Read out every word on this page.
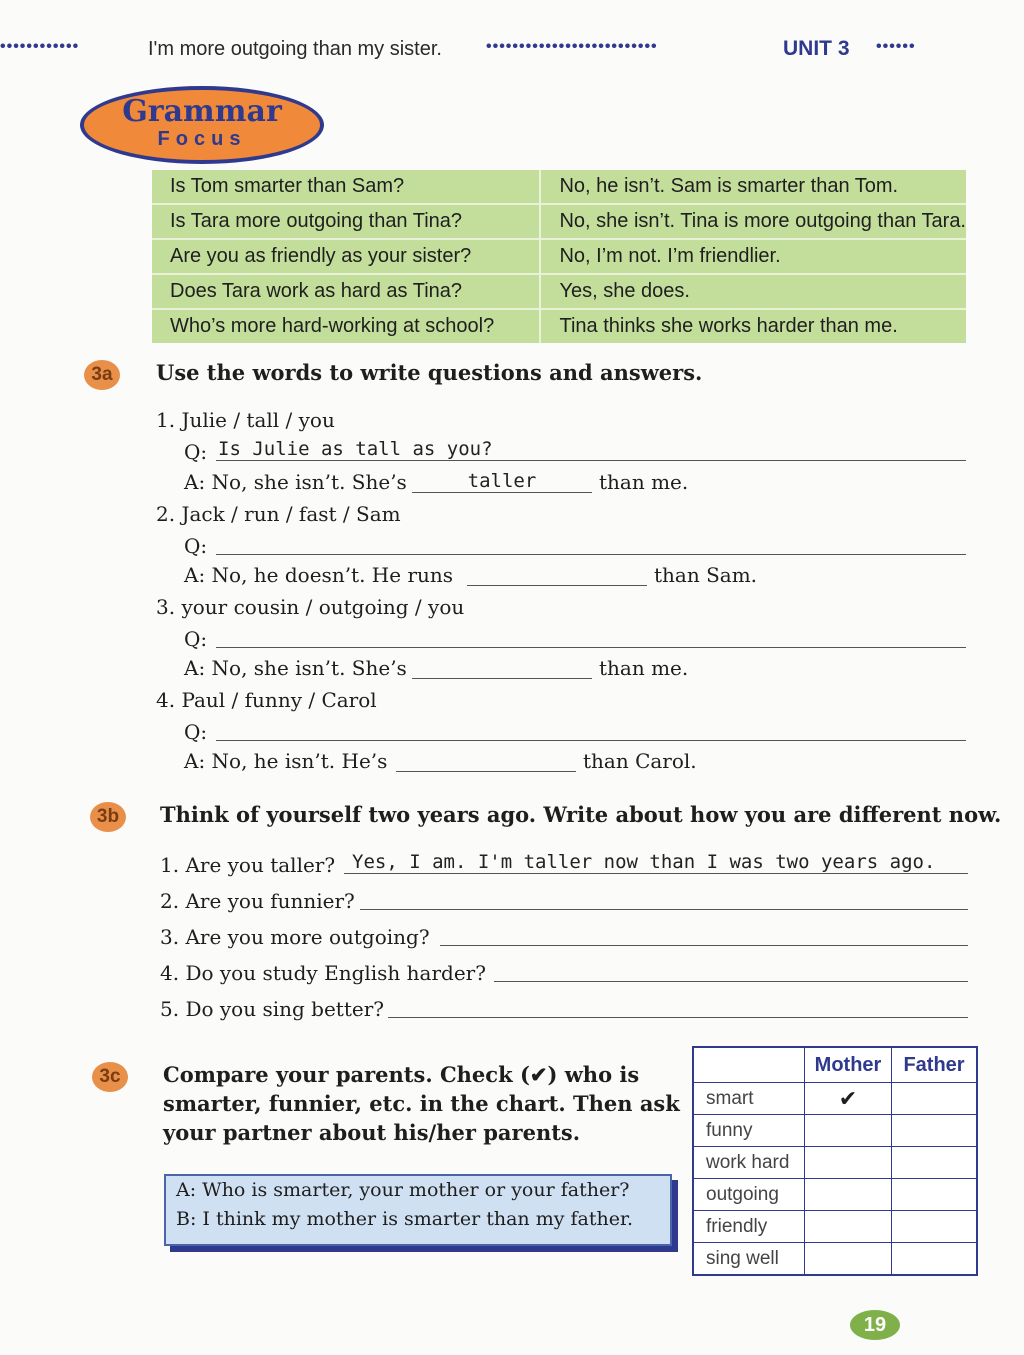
••••••••••••	I'm more outgoing than my sister.	••••••••••••••••••••••••••	UNIT 3 ••••••
Grammar
Focus
Is Tom smarter than Sam?	No, he isn’t. Sam is smarter than Tom.
Is Tara more outgoing than Tina?	No, she isn’t. Tina is more outgoing than Tara.
Are you as friendly as your sister?	No, I’m not. I’m friendlier.
Does Tara work as hard as Tina?	Yes, she does.
Who’s more hard-working at school?	Tina thinks she works harder than me.
3a	Use the words to write questions and answers.
1. Julie / tall / you
Q: Is Julie as tall as you?
A: No, she isn’t. She’s	taller	than me.
2. Jack / run / fast / Sam
Q:
A: No, he doesn’t. He runs	than Sam.
3. your cousin / outgoing / you
Q:
A: No, she isn’t. She’s	than me.
4. Paul / funny / Carol
Q:
A: No, he isn’t. He’s	than Carol.
3b	Think of yourself two years ago. Write about how you are different now.
1. Are you taller? Yes, I am. I'm taller now than I was two years ago.
2. Are you funnier?
3. Are you more outgoing?
4. Do you study English harder?
5. Do you sing better?
3c	Compare your parents. Check (✔) who is
smarter, funnier, etc. in the chart. Then ask
your partner about his/her parents.
A: Who is smarter, your mother or your father?
B: I think my mother is smarter than my father.
	Mother	Father
smart	✔	
funny		
work hard		
outgoing		
friendly		
sing well		
19
